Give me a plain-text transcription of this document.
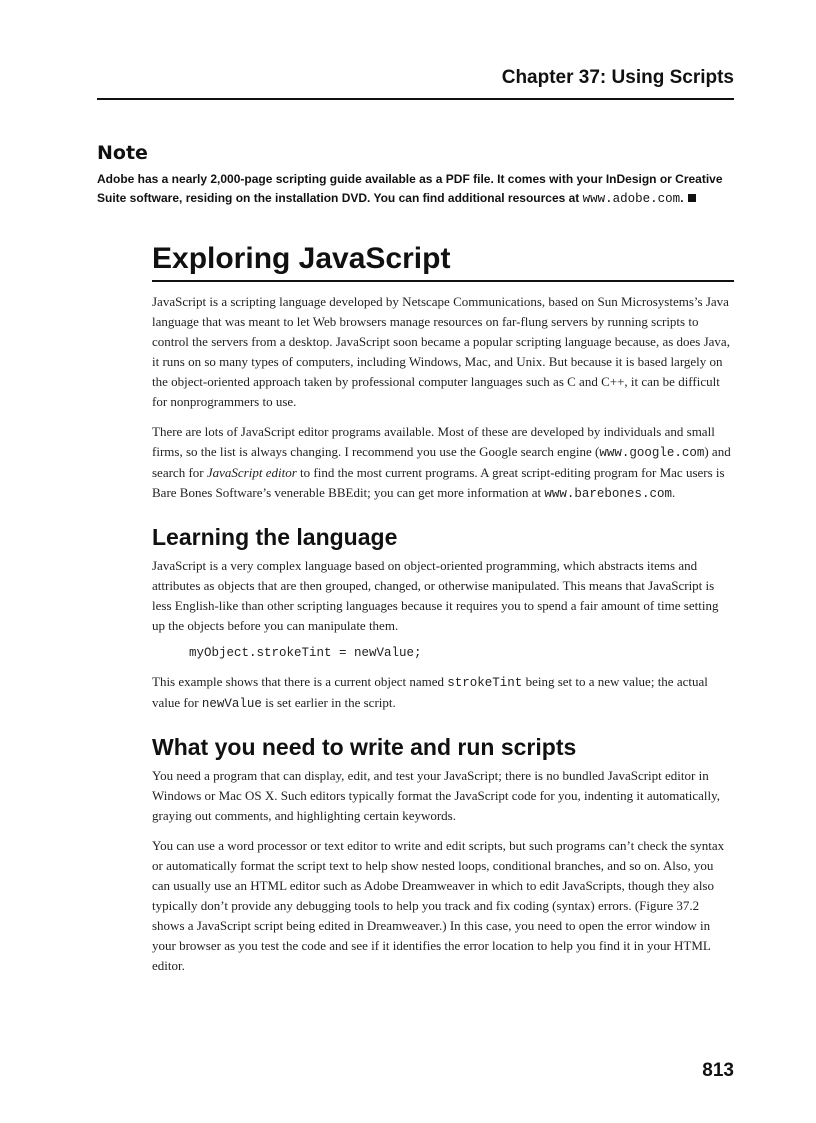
Chapter 37: Using Scripts
Note

Adobe has a nearly 2,000-page scripting guide available as a PDF file. It comes with your InDesign or Creative Suite software, residing on the installation DVD. You can find additional resources at www.adobe.com.

Exploring JavaScript

JavaScript is a scripting language developed by Netscape Communications, based on Sun Microsystems’s Java language that was meant to let Web browsers manage resources on far-flung servers by running scripts to control the servers from a desktop. JavaScript soon became a popular scripting language because, as does Java, it runs on so many types of computers, including Windows, Mac, and Unix. But because it is based largely on the object-oriented approach taken by professional computer languages such as C and C++, it can be difficult for nonprogrammers to use.

There are lots of JavaScript editor programs available. Most of these are developed by individuals and small firms, so the list is always changing. I recommend you use the Google search engine (www.google.com) and search for JavaScript editor to find the most current programs. A great script-editing program for Mac users is Bare Bones Software’s venerable BBEdit; you can get more information at www.barebones.com.

Learning the language

JavaScript is a very complex language based on object-oriented programming, which abstracts items and attributes as objects that are then grouped, changed, or otherwise manipulated. This means that JavaScript is less English-like than other scripting languages because it requires you to spend a fair amount of time setting up the objects before you can manipulate them.

myObject.strokeTint = newValue;

This example shows that there is a current object named strokeTint being set to a new value; the actual value for newValue is set earlier in the script.

What you need to write and run scripts

You need a program that can display, edit, and test your JavaScript; there is no bundled JavaScript editor in Windows or Mac OS X. Such editors typically format the JavaScript code for you, indenting it automatically, graying out comments, and highlighting certain keywords.

You can use a word processor or text editor to write and edit scripts, but such programs can’t check the syntax or automatically format the script text to help show nested loops, conditional branches, and so on. Also, you can usually use an HTML editor such as Adobe Dreamweaver in which to edit JavaScripts, though they also typically don’t provide any debugging tools to help you track and fix coding (syntax) errors. (Figure 37.2 shows a JavaScript script being edited in Dreamweaver.) In this case, you need to open the error window in your browser as you test the code and see if it identifies the error location to help you find it in your HTML editor.

813
